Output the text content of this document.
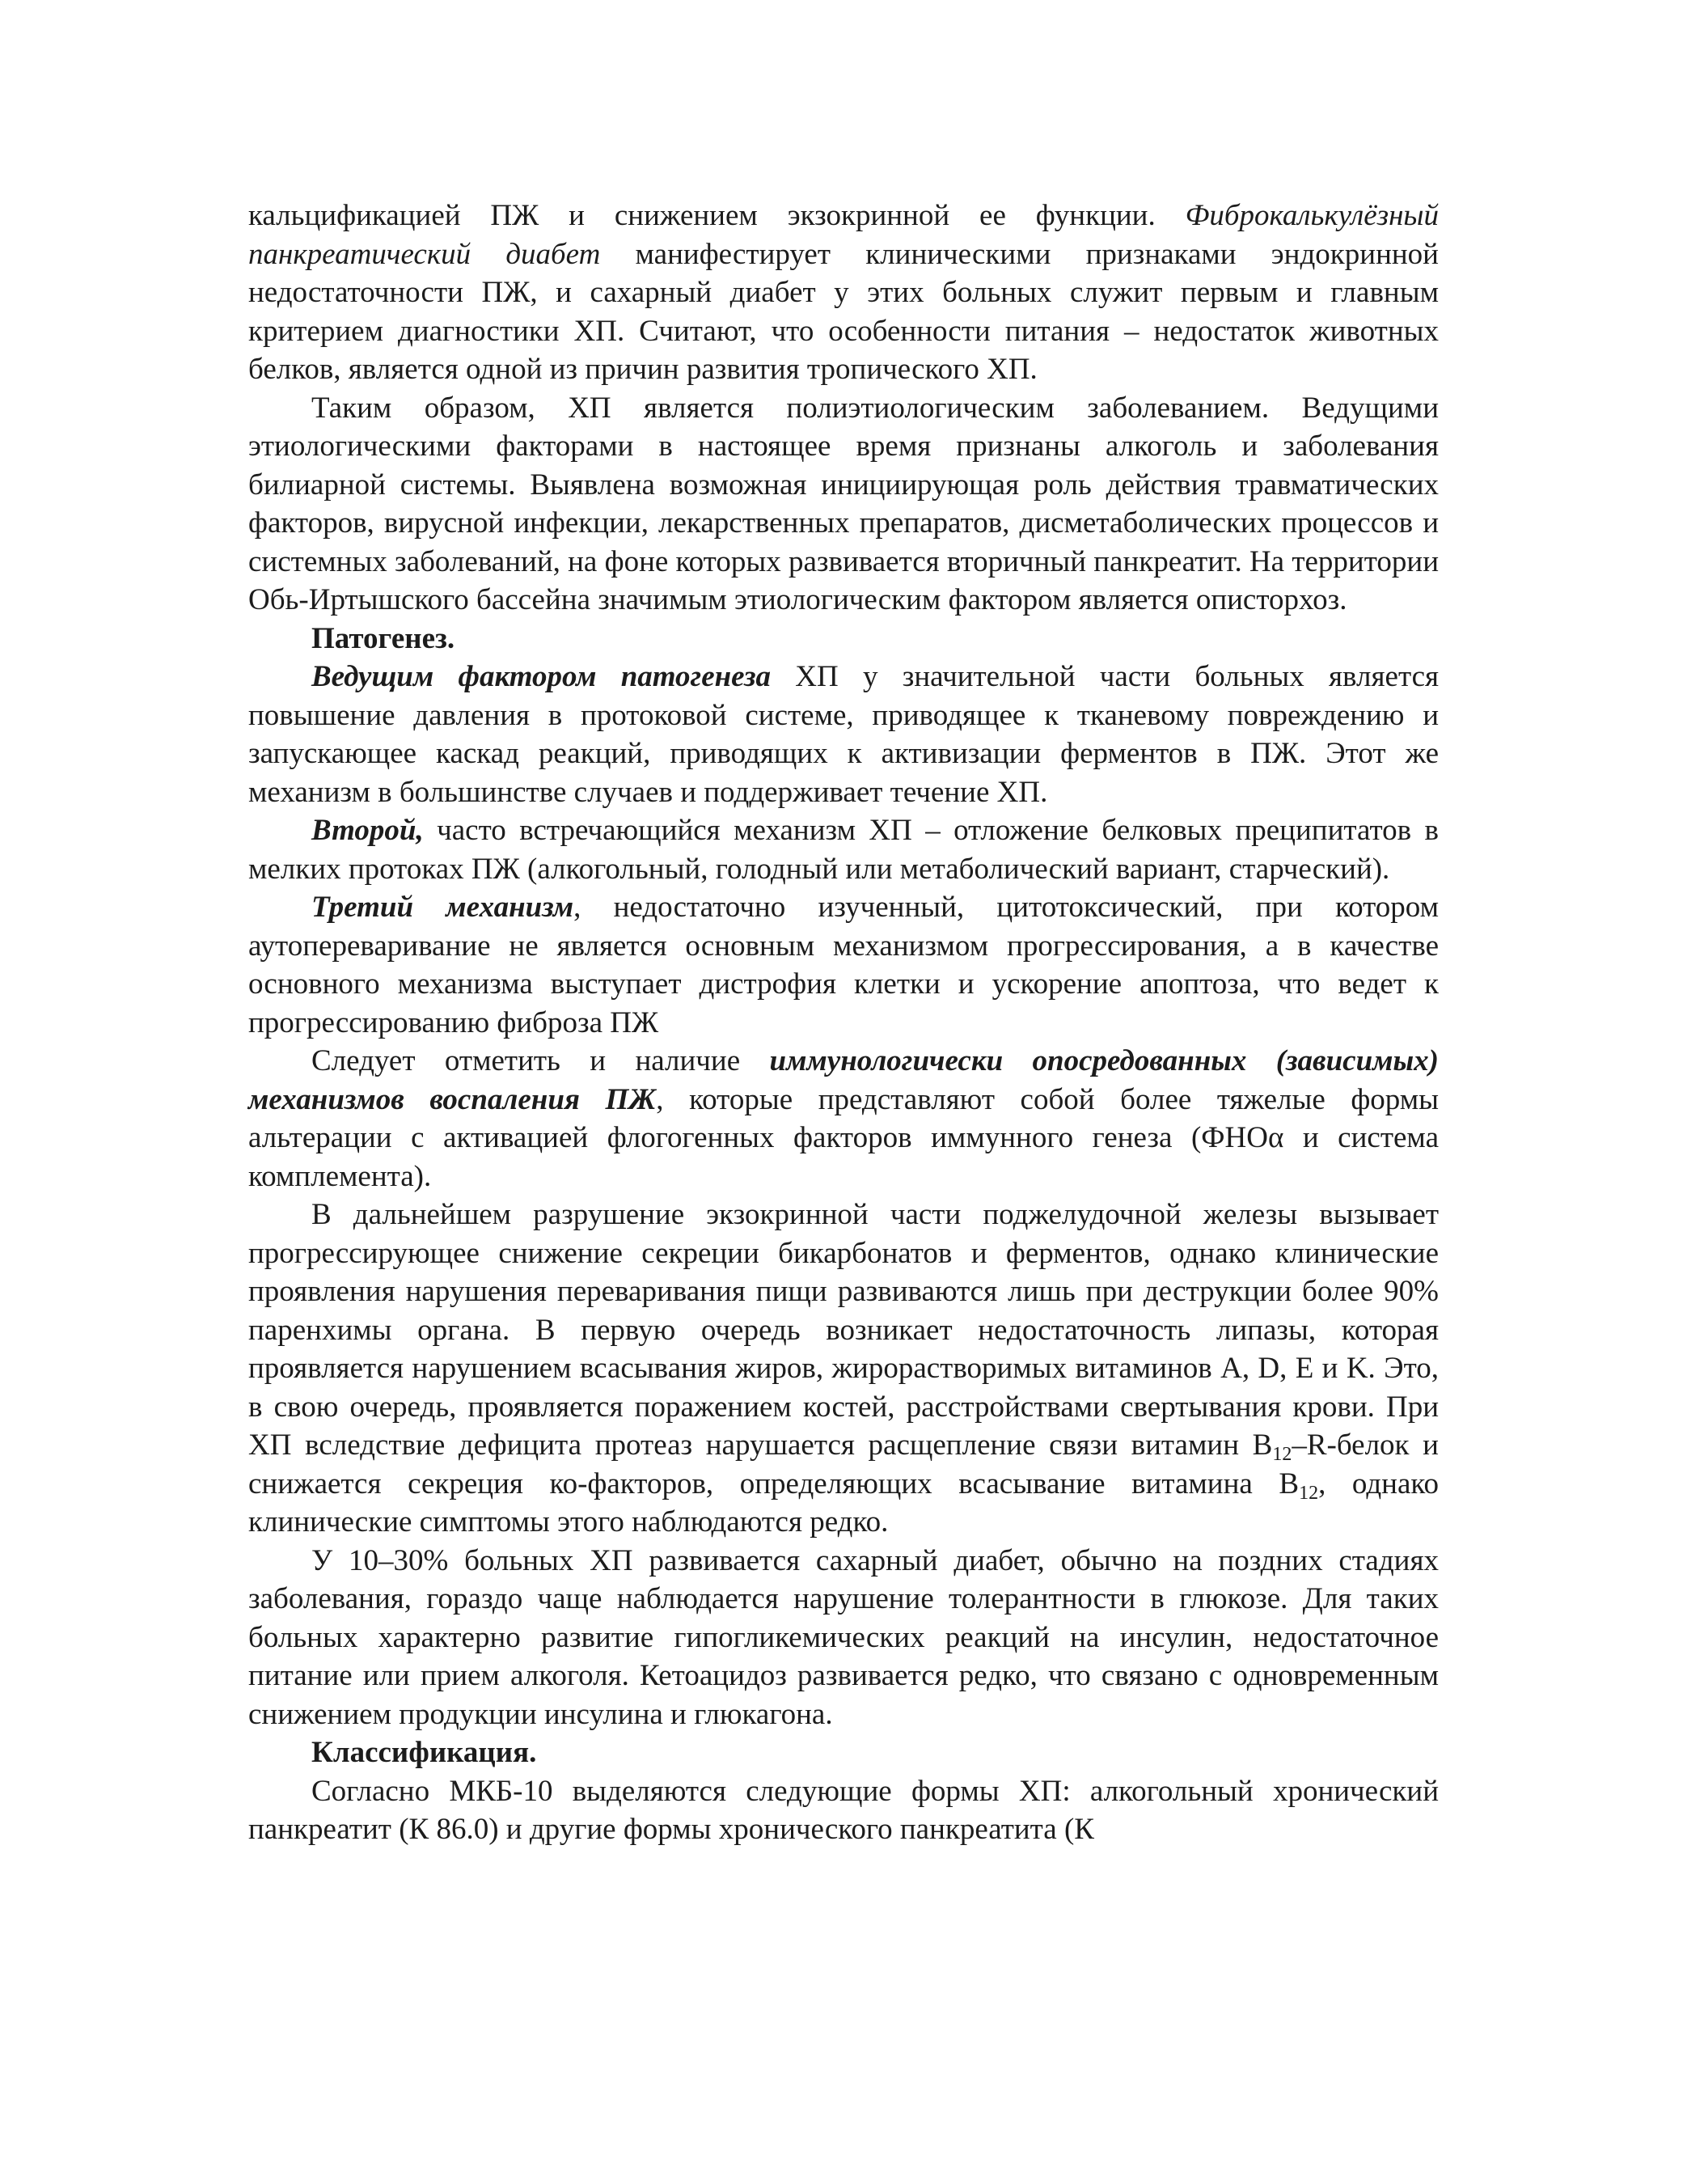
кальцификацией ПЖ и снижением экзокринной ее функции. Фиброкалькулёзный панкреатический диабет манифестирует клиническими признаками эндокринной недостаточности ПЖ, и сахарный диабет у этих больных служит первым и главным критерием диагностики ХП. Считают, что особенности питания – недостаток животных белков, является одной из причин развития тропического ХП.

Таким образом, ХП является полиэтиологическим заболеванием. Ведущими этиологическими факторами в настоящее время признаны алкоголь и заболевания билиарной системы. Выявлена возможная инициирующая роль действия травматических факторов, вирусной инфекции, лекарственных препаратов, дисметаболических процессов и системных заболеваний, на фоне которых развивается вторичный панкреатит. На территории Обь-Иртышского бассейна значимым этиологическим фактором является описторхоз.

Патогенез.

Ведущим фактором патогенеза ХП у значительной части больных является повышение давления в протоковой системе, приводящее к тканевому повреждению и запускающее каскад реакций, приводящих к активизации ферментов в ПЖ. Этот же механизм в большинстве случаев и поддерживает течение ХП.

Второй, часто встречающийся механизм ХП – отложение белковых преципитатов в мелких протоках ПЖ (алкогольный, голодный или метаболический вариант, старческий).

Третий механизм, недостаточно изученный, цитотоксический, при котором аутопереваривание не является основным механизмом прогрессирования, а в качестве основного механизма выступает дистрофия клетки и ускорение апоптоза, что ведет к прогрессированию фиброза ПЖ

Следует отметить и наличие иммунологически опосредованных (зависимых) механизмов воспаления ПЖ, которые представляют собой более тяжелые формы альтерации с активацией флогогенных факторов иммунного генеза (ФНОα и система комплемента).

В дальнейшем разрушение экзокринной части поджелудочной железы вызывает прогрессирующее снижение секреции бикарбонатов и ферментов, однако клинические проявления нарушения переваривания пищи развиваются лишь при деструкции более 90% паренхимы органа. В первую очередь возникает недостаточность липазы, которая проявляется нарушением всасывания жиров, жирорастворимых витаминов A, D, E и K. Это, в свою очередь, проявляется поражением костей, расстройствами свертывания крови. При ХП вследствие дефицита протеаз нарушается расщепление связи витамин $B_{12}-R$-белок и снижается секреция ко-факторов, определяющих всасывание витамина $B_{12}$, однако клинические симптомы этого наблюдаются редко.

У 10–30% больных ХП развивается сахарный диабет, обычно на поздних стадиях заболевания, гораздо чаще наблюдается нарушение толерантности в глюкозе. Для таких больных характерно развитие гипогликемических реакций на инсулин, недостаточное питание или прием алкоголя. Кетоацидоз развивается редко, что связано с одновременным снижением продукции инсулина и глюкагона.

Классификация.

Согласно МКБ-10 выделяются следующие формы ХП: алкогольный хронический панкреатит (К 86.0) и другие формы хронического панкреатита (К
